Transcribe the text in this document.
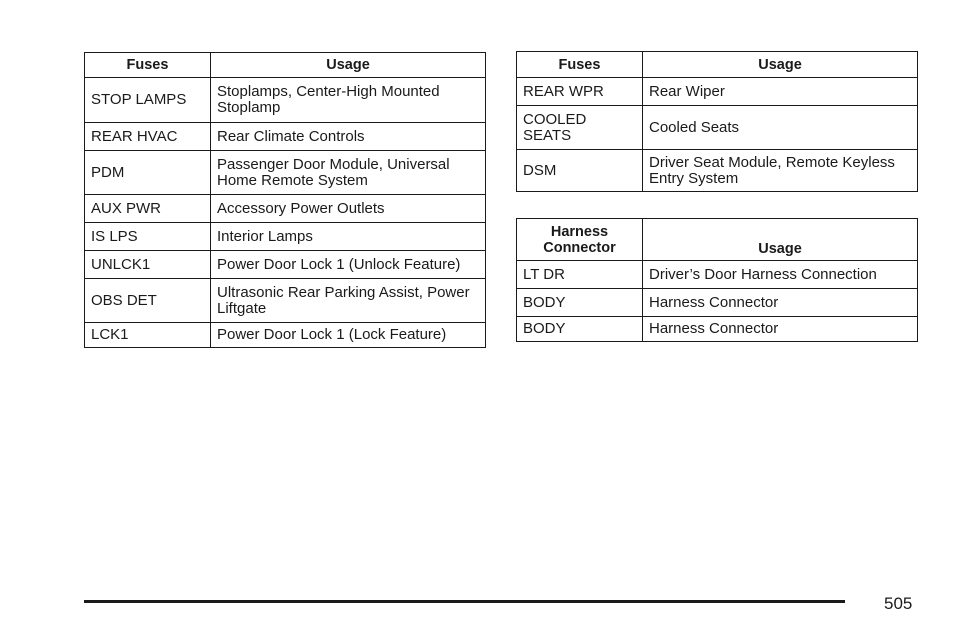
Fuses	Usage
STOP LAMPS	Stoplamps, Center-High Mounted Stoplamp
REAR HVAC	Rear Climate Controls
PDM	Passenger Door Module, Universal Home Remote System
AUX PWR	Accessory Power Outlets
IS LPS	Interior Lamps
UNLCK1	Power Door Lock 1 (Unlock Feature)
OBS DET	Ultrasonic Rear Parking Assist, Power Liftgate
LCK1	Power Door Lock 1 (Lock Feature)
Fuses	Usage
REAR WPR	Rear Wiper
COOLED SEATS	Cooled Seats
DSM	Driver Seat Module, Remote Keyless Entry System
Harness Connector	Usage
LT DR	Driver’s Door Harness Connection
BODY	Harness Connector
BODY	Harness Connector
505
